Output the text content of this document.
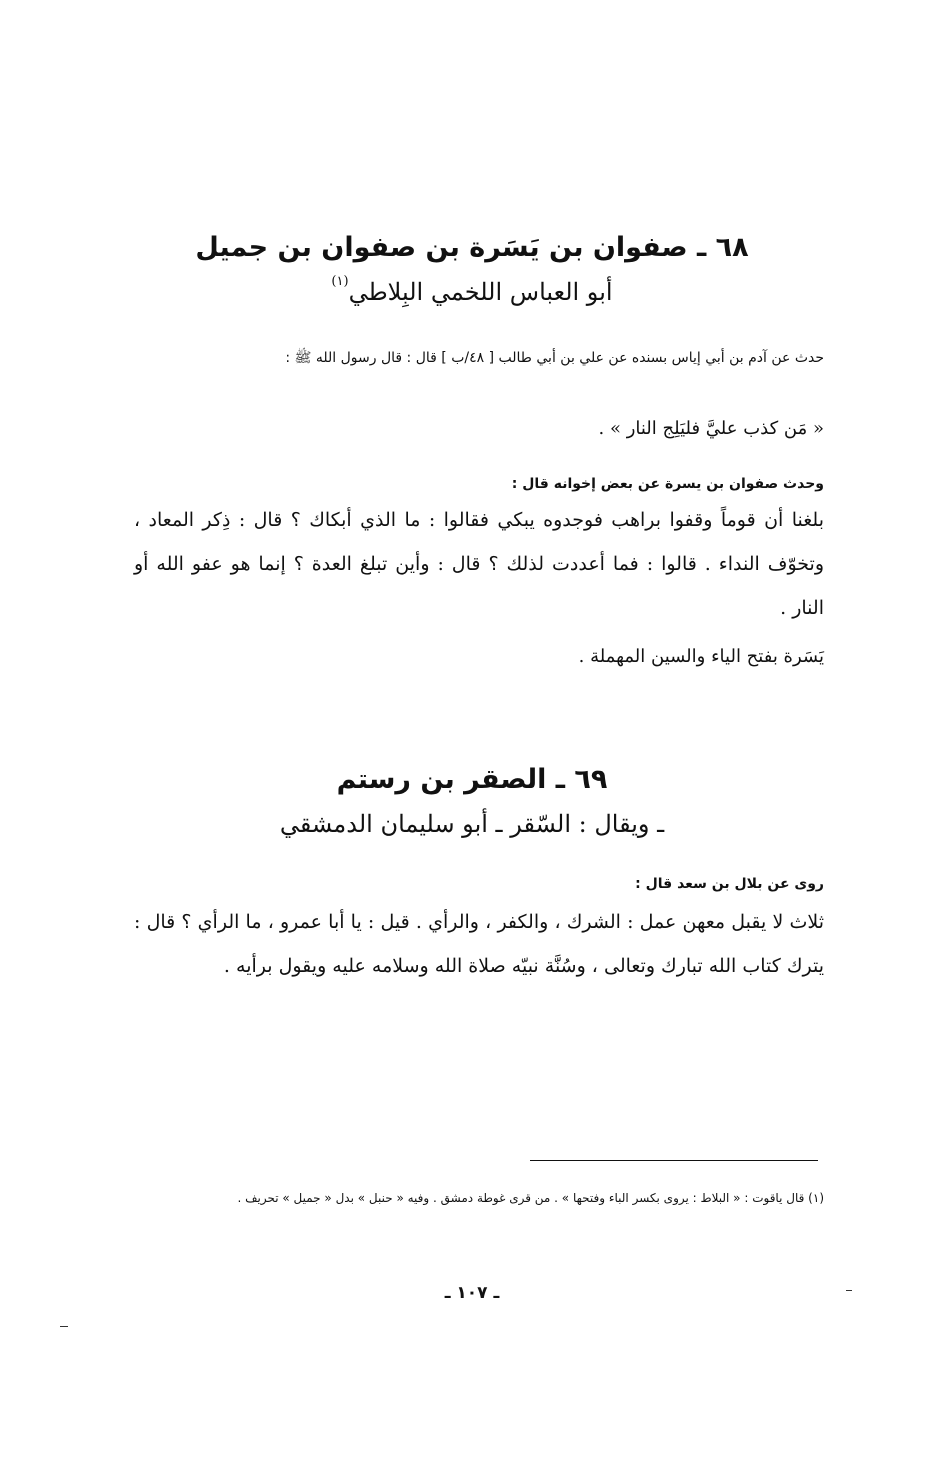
٦٨ ـ صفوان بن يَسَرة بن صفوان بن جميل
أبو العباس اللخمي البِلاطي$^{(١)}$
حدث عن آدم بن أبي إياس بسنده عن علي بن أبي طالب [ ٤٨/ب ] قال : قال رسول الله ﷺ :
« مَن كذب عليَّ فليَلِج النار » .
وحدث صفوان بن يسرة عن بعض إخوانه قال :
بلغنا أن قوماً وقفوا براهب فوجدوه يبكي فقالوا : ما الذي أبكاك ؟ قال : ذِكر المعاد ، وتخوّف النداء . قالوا : فما أعددت لذلك ؟ قال : وأين تبلغ العدة ؟ إنما هو عفو الله أو النار .
يَسَرة بفتح الياء والسين المهملة .
٦٩ ـ الصقر بن رستم
ـ ويقال : السّقر ـ أبو سليمان الدمشقي
روى عن بلال بن سعد قال :
ثلاث لا يقبل معهن عمل : الشرك ، والكفر ، والرأي . قيل : يا أبا عمرو ، ما الرأي ؟ قال : يترك كتاب الله تبارك وتعالى ، وسُنَّة نبيّه صلاة الله وسلامه عليه ويقول برأيه .
(١) قال ياقوت : « البلاط : يروى بكسر الباء وفتحها » . من قرى غوطة دمشق . وفيه « حنبل » بدل « جميل » تحريف .
ـ ١٠٧ ـ
